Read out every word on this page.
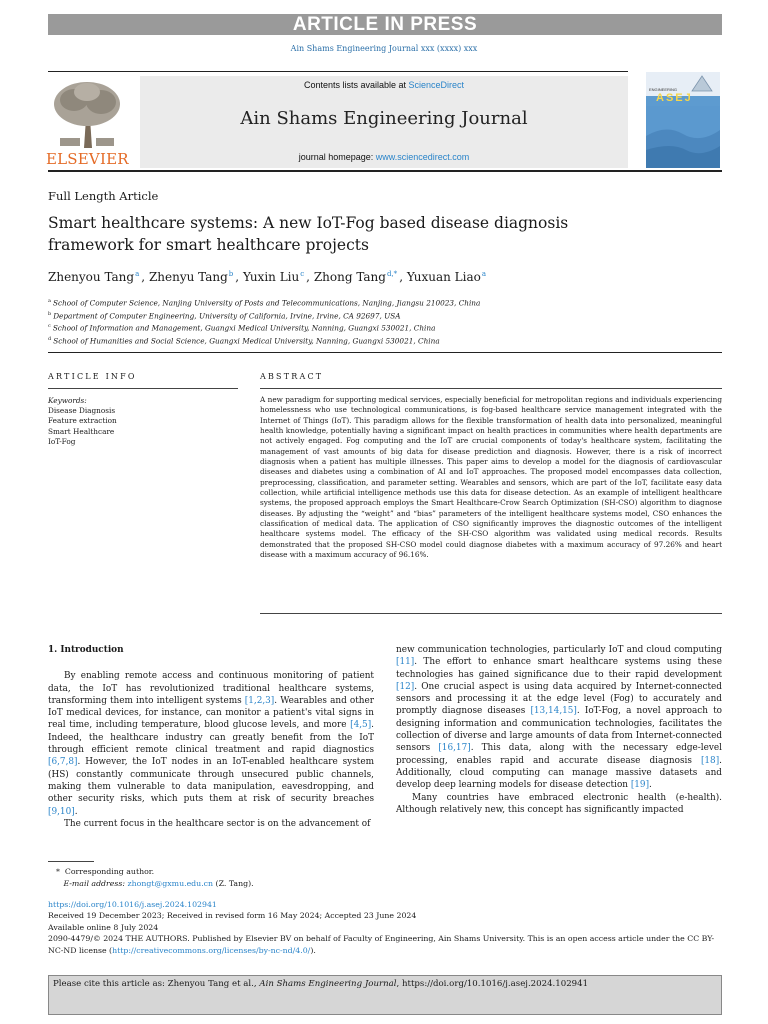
ARTICLE IN PRESS
Ain Shams Engineering Journal xxx (xxxx) xxx
ELSEVIER
Contents lists available at ScienceDirect
Ain Shams Engineering Journal
journal homepage: www.sciencedirect.com
ENGINEERING
ASEJ
Full Length Article
Smart healthcare systems: A new IoT-Fog based disease diagnosis framework for smart healthcare projects
Zhenyou Tang$^a$ , Zhenyu Tang$^b$ , Yuxin Liu$^c$ , Zhong Tang$^{d,*}$ , Yuxuan Liao$^a$
$^a$ School of Computer Science, Nanjing University of Posts and Telecommunications, Nanjing, Jiangsu 210023, China
$^b$ Department of Computer Engineering, University of California, Irvine, Irvine, CA 92697, USA
$^c$ School of Information and Management, Guangxi Medical University, Nanning, Guangxi 530021, China
$^d$ School of Humanities and Social Science, Guangxi Medical University, Nanning, Guangxi 530021, China
ARTICLE INFO
Keywords:
Disease Diagnosis
Feature extraction
Smart Healthcare
IoT-Fog
ABSTRACT
A new paradigm for supporting medical services, especially beneficial for metropolitan regions and individuals experiencing homelessness who use technological communications, is fog-based healthcare service management integrated with the Internet of Things (IoT). This paradigm allows for the flexible transformation of health data into personalized, meaningful health knowledge, potentially having a significant impact on health practices in communities where health departments are not actively engaged. Fog computing and the IoT are crucial components of today's healthcare system, facilitating the management of vast amounts of big data for disease prediction and diagnosis. However, there is a risk of incorrect diagnosis when a patient has multiple illnesses. This paper aims to develop a model for the diagnosis of cardiovascular diseases and diabetes using a combination of AI and IoT approaches. The proposed model encompasses data collection, preprocessing, classification, and parameter setting. Wearables and sensors, which are part of the IoT, facilitate easy data collection, while artificial intelligence methods use this data for disease detection. As an example of intelligent healthcare systems, the proposed approach employs the Smart Healthcare-Crow Search Optimization (SH-CSO) algorithm to diagnose diseases. By adjusting the “weight” and “bias” parameters of the intelligent healthcare systems model, CSO enhances the classification of medical data. The application of CSO significantly improves the diagnostic outcomes of the intelligent healthcare systems model. The efficacy of the SH-CSO algorithm was validated using medical records. Results demonstrated that the proposed SH-CSO model could diagnose diabetes with a maximum accuracy of 97.26% and heart disease with a maximum accuracy of 96.16%.
1. Introduction

By enabling remote access and continuous monitoring of patient data, the IoT has revolutionized traditional healthcare systems, transforming them into intelligent systems [1,2,3]. Wearables and other IoT medical devices, for instance, can monitor a patient's vital signs in real time, including temperature, blood glucose levels, and more [4,5]. Indeed, the healthcare industry can greatly benefit from the IoT through efficient remote clinical treatment and rapid diagnostics [6,7,8]. However, the IoT nodes in an IoT-enabled healthcare system (HS) constantly communicate through unsecured public channels, making them vulnerable to data manipulation, eavesdropping, and other security risks, which puts them at risk of security breaches [9,10].

The current focus in the healthcare sector is on the advancement of

new communication technologies, particularly IoT and cloud computing [11]. The effort to enhance smart healthcare systems using these technologies has gained significance due to their rapid development [12]. One crucial aspect is using data acquired by Internet-connected sensors and processing it at the edge level (Fog) to accurately and promptly diagnose diseases [13,14,15]. IoT-Fog, a novel approach to designing information and communication technologies, facilitates the collection of diverse and large amounts of data from Internet-connected sensors [16,17]. This data, along with the necessary edge-level processing, enables rapid and accurate disease diagnosis [18]. Additionally, cloud computing can manage massive datasets and develop deep learning models for disease detection [19].

Many countries have embraced electronic health (e-health). Although relatively new, this concept has significantly impacted

*  Corresponding author.
E-mail address: zhongt@gxmu.edu.cn (Z. Tang).
https://doi.org/10.1016/j.asej.2024.102941
Received 19 December 2023; Received in revised form 16 May 2024; Accepted 23 June 2024
Available online 8 July 2024
2090-4479/© 2024 THE AUTHORS. Published by Elsevier BV on behalf of Faculty of Engineering, Ain Shams University. This is an open access article under the CC BY-NC-ND license (http://creativecommons.org/licenses/by-nc-nd/4.0/).
Please cite this article as: Zhenyou Tang et al., Ain Shams Engineering Journal, https://doi.org/10.1016/j.asej.2024.102941
